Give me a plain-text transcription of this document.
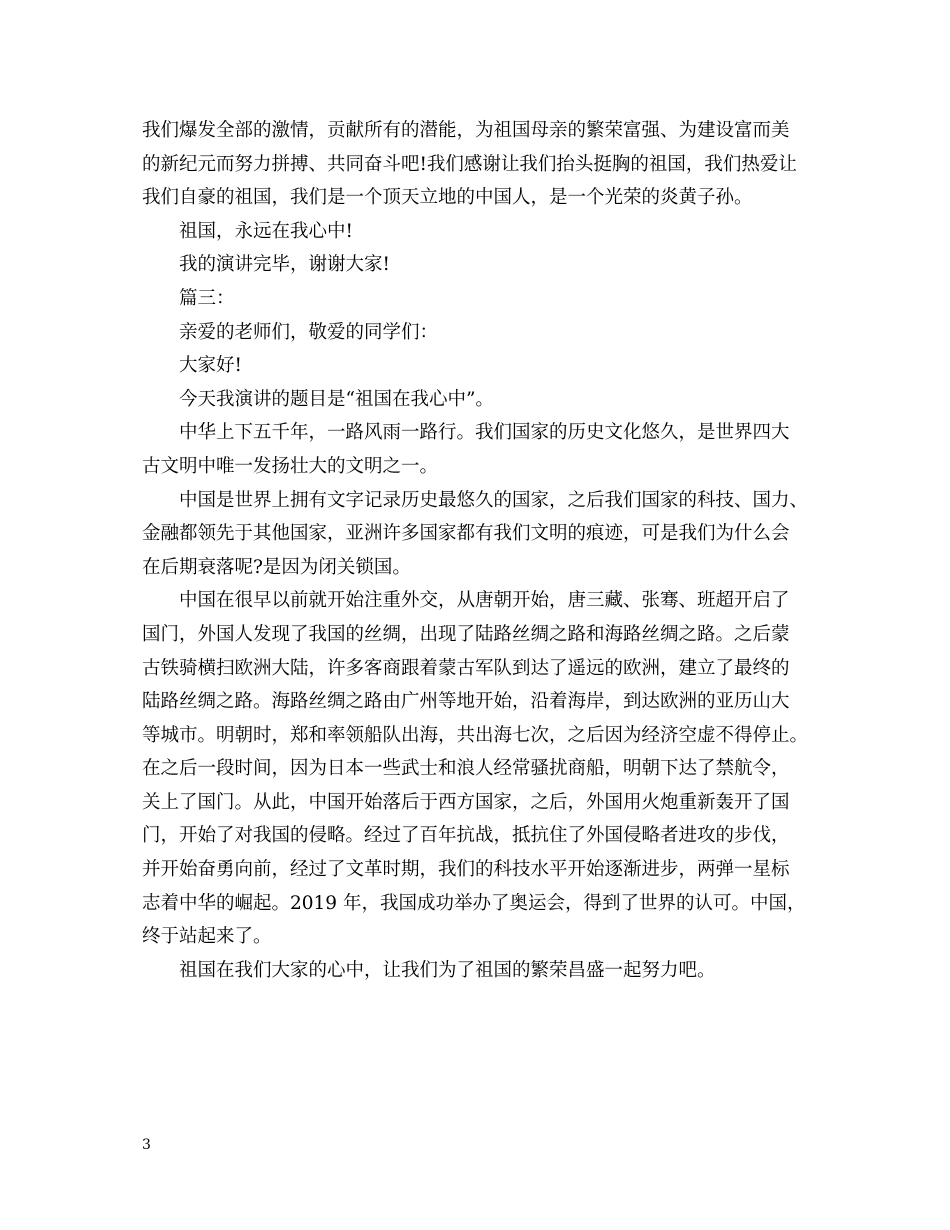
我们爆发全部的激情，贡献所有的潜能，为祖国母亲的繁荣富强、为建设富而美
的新纪元而努力拼搏、共同奋斗吧!我们感谢让我们抬头挺胸的祖国，我们热爱让
我们自豪的祖国，我们是一个顶天立地的中国人，是一个光荣的炎黄子孙。
祖国，永远在我心中!
我的演讲完毕，谢谢大家!
篇三：
亲爱的老师们，敬爱的同学们：
大家好!
今天我演讲的题目是“祖国在我心中”。
中华上下五千年，一路风雨一路行。我们国家的历史文化悠久，是世界四大
古文明中唯一发扬壮大的文明之一。
中国是世界上拥有文字记录历史最悠久的国家，之后我们国家的科技、国力、
金融都领先于其他国家，亚洲许多国家都有我们文明的痕迹，可是我们为什么会
在后期衰落呢?是因为闭关锁国。
中国在很早以前就开始注重外交，从唐朝开始，唐三藏、张骞、班超开启了
国门，外国人发现了我国的丝绸，出现了陆路丝绸之路和海路丝绸之路。之后蒙
古铁骑横扫欧洲大陆，许多客商跟着蒙古军队到达了遥远的欧洲，建立了最终的
陆路丝绸之路。海路丝绸之路由广州等地开始，沿着海岸，到达欧洲的亚历山大
等城市。明朝时，郑和率领船队出海，共出海七次，之后因为经济空虚不得停止。
在之后一段时间，因为日本一些武士和浪人经常骚扰商船，明朝下达了禁航令，
关上了国门。从此，中国开始落后于西方国家，之后，外国用火炮重新轰开了国
门，开始了对我国的侵略。经过了百年抗战，抵抗住了外国侵略者进攻的步伐，
并开始奋勇向前，经过了文革时期，我们的科技水平开始逐渐进步，两弹一星标
志着中华的崛起。2019 年，我国成功举办了奥运会，得到了世界的认可。中国，
终于站起来了。
祖国在我们大家的心中，让我们为了祖国的繁荣昌盛一起努力吧。
3
